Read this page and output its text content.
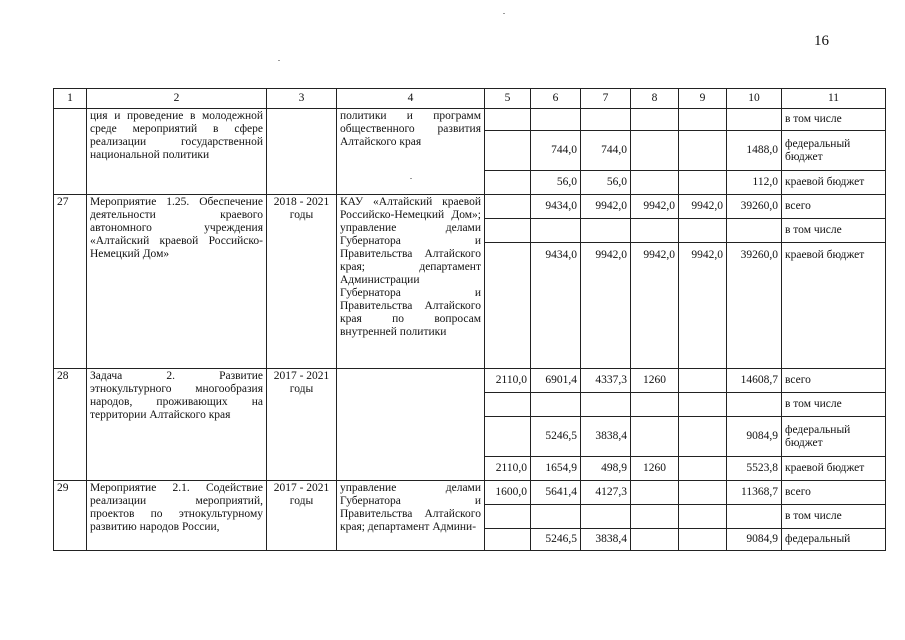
16
1	2	3	4	5	6	7	8	9	10	11
	ция и проведение в молодежной среде мероприятий в сфере реализации государственной национальной политики		политики и программ общественного развития Алтайского края							в том числе
					744,0	744,0			1488,0	федеральный бюджет
					56,0	56,0			112,0	краевой бюджет
27	Мероприятие 1.25. Обеспечение деятельности краевого автономного учреждения «Алтайский краевой Российско-Немецкий Дом»	2018 - 2021 годы	КАУ «Алтайский краевой Российско-Немецкий Дом»; управление делами Губернатора и Правительства Алтайского края; департамент Администрации Губернатора и Правительства Алтайского края по вопросам внутренней политики		9434,0	9942,0	9942,0	9942,0	39260,0	всего
										в том числе
					9434,0	9942,0	9942,0	9942,0	39260,0	краевой бюджет
28	Задача 2. Развитие этнокультурного многообразия народов, проживающих на территории Алтайского края	2017 - 2021 годы		2110,0	6901,4	4337,3	1260		14608,7	всего
										в том числе
					5246,5	3838,4			9084,9	федеральный бюджет
				2110,0	1654,9	498,9	1260		5523,8	краевой бюджет
29	Мероприятие 2.1. Содействие реализации мероприятий, проектов по этнокультурному развитию народов России,	2017 - 2021 годы	управление делами Губернатора и Правительства Алтайского края; департамент Админи-	1600,0	5641,4	4127,3			11368,7	всего
										в том числе
					5246,5	3838,4			9084,9	федеральный
